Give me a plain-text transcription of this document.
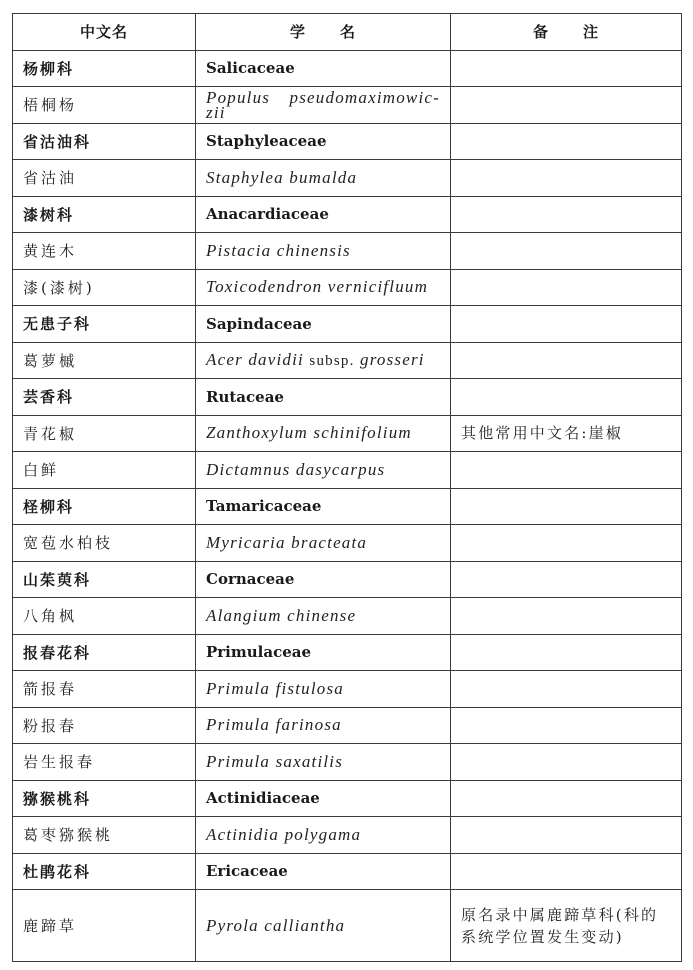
中文名	学 名	备 注
杨柳科	Salicaceae	
梧桐杨	Populus pseudomaximowic-zii	
省沽油科	Staphyleaceae	
省沽油	Staphylea bumalda	
漆树科	Anacardiaceae	
黄连木	Pistacia chinensis	
漆(漆树)	Toxicodendron vernicifluum	
无患子科	Sapindaceae	
葛萝槭	Acer davidii subsp. grosseri	
芸香科	Rutaceae	
青花椒	Zanthoxylum schinifolium	其他常用中文名:崖椒
白鲜	Dictamnus dasycarpus	
柽柳科	Tamaricaceae	
宽苞水柏枝	Myricaria bracteata	
山茱萸科	Cornaceae	
八角枫	Alangium chinense	
报春花科	Primulaceae	
箭报春	Primula fistulosa	
粉报春	Primula farinosa	
岩生报春	Primula saxatilis	
猕猴桃科	Actinidiaceae	
葛枣猕猴桃	Actinidia polygama	
杜鹃花科	Ericaceae	
鹿蹄草	Pyrola calliantha	原名录中属鹿蹄草科(科的系统学位置发生变动)
